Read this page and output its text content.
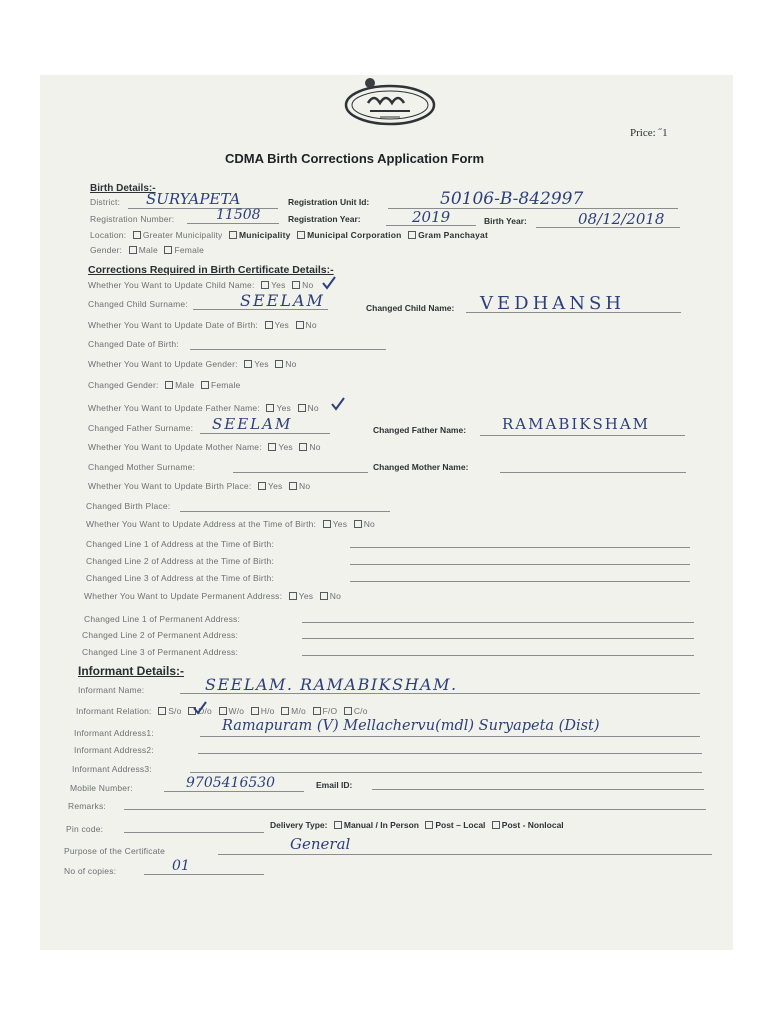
Price: ˝1
CDMA Birth Corrections Application Form
Birth Details:-
District: SURYAPETA	Registration Unit Id:	50106-B-842997
Registration Number:	11508	Registration Year:	2019	Birth Year:	08/12/2018
Location: Greater Municipality Municipality Municipal Corporation Gram Panchayat
Gender: Male Female
Corrections Required in Birth Certificate Details:-
Whether You Want to Update Child Name: Yes No
Changed Child Surname:	SEELAM	Changed Child Name: VEDHANSH
Whether You Want to Update Date of Birth: Yes No
Changed Date of Birth:
Whether You Want to Update Gender: Yes No
Changed Gender: Male Female
Whether You Want to Update Father Name: Yes No
Changed Father Surname: SEELAM	Changed Father Name: RAMABIKSHAM
Whether You Want to Update Mother Name: Yes No
Changed Mother Surname:	Changed Mother Name:
Whether You Want to Update Birth Place: Yes No
Changed Birth Place:
Whether You Want to Update Address at the Time of Birth: Yes No
Changed Line 1 of Address at the Time of Birth:
Changed Line 2 of Address at the Time of Birth:
Changed Line 3 of Address at the Time of Birth:
Whether You Want to Update Permanent Address: Yes No
Changed Line 1 of Permanent Address:
Changed Line 2 of Permanent Address:
Changed Line 3 of Permanent Address:
Informant Details:-
Informant Name:	SEELAM. RAMABIKSHAM.
Informant Relation: S/o D/o W/o H/o M/o F/O C/o
Informant Address1:	Ramapuram (V) Mellachervu(mdl) Suryapeta (Dist)
Informant Address2:
Informant Address3:
Mobile Number:	9705416530	Email ID:
Remarks:
Pin code:	Delivery Type: Manual / In Person Post – Local Post - Nonlocal
Purpose of the Certificate	General
No of copies:	01
